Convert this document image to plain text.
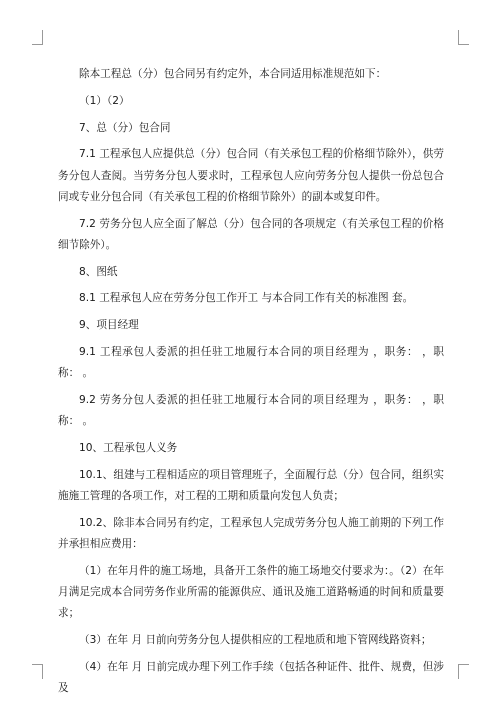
除本工程总（分）包合同另有约定外，本合同适用标准规范如下：

（1）（2）

7、总（分）包合同

7.1 工程承包人应提供总（分）包合同（有关承包工程的价格细节除外），供劳务分包人查阅。当劳务分包人要求时，工程承包人应向劳务分包人提供一份总包合同或专业分包合同（有关承包工程的价格细节除外）的副本或复印件。

7.2 劳务分包人应全面了解总（分）包合同的各项规定（有关承包工程的价格细节除外）。

8、图纸

8.1 工程承包人应在劳务分包工作开工 与本合同工作有关的标准图 套。

9、项目经理

9.1 工程承包人委派的担任驻工地履行本合同的项目经理为 ，职务： ，职称： 。

9.2 劳务分包人委派的担任驻工地履行本合同的项目经理为 ，职务： ，职称： 。

10、工程承包人义务

10.1、组建与工程相适应的项目管理班子，全面履行总（分）包合同，组织实施施工管理的各项工作，对工程的工期和质量向发包人负责；

10.2、除非本合同另有约定，工程承包人完成劳务分包人施工前期的下列工作并承担相应费用：

（1）在年月件的施工场地，具备开工条件的施工场地交付要求为：。（2）在年月满足完成本合同劳务作业所需的能源供应、通讯及施工道路畅通的时间和质量要求；

（3）在年 月 日前向劳务分包人提供相应的工程地质和地下管网线路资料；

（4）在年 月 日前完成办理下列工作手续（包括各种证件、批件、规费，但涉及
